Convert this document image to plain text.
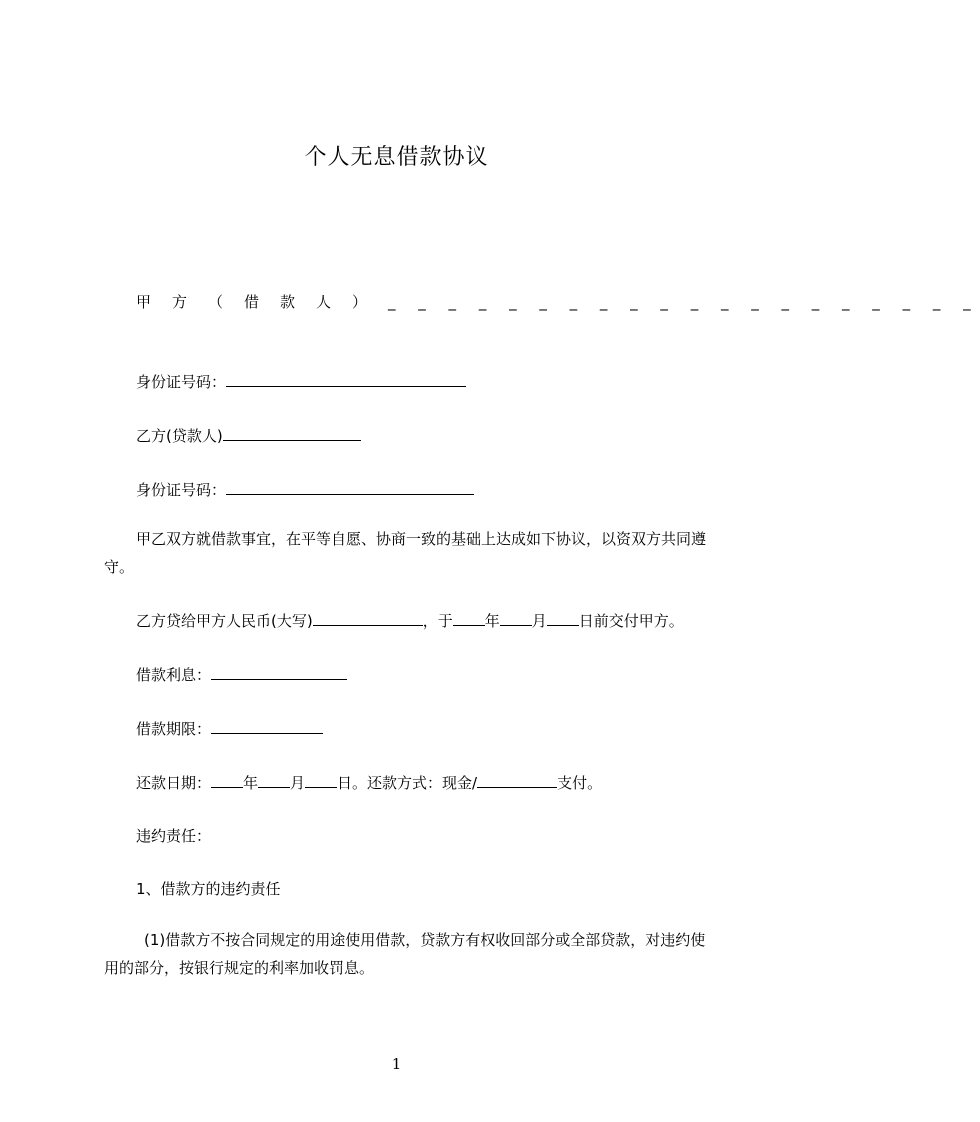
个人无息借款协议
甲方（借款人）_ _ _ _ _ _ _ _ _ _ _ _ _ _ _ _ _ _ _ _
身份证号码：
乙方(贷款人)
身份证号码：
甲乙双方就借款事宜，在平等自愿、协商一致的基础上达成如下协议，以资双方共同遵守。
乙方贷给甲方人民币(大写)	，于 年 月 日前交付甲方。
借款利息：
借款期限：
还款日期： 年 月 日。还款方式：现金/	支付。
违约责任：
1、借款方的违约责任
(1)借款方不按合同规定的用途使用借款，贷款方有权收回部分或全部贷款，对违约使用的部分，按银行规定的利率加收罚息。
1
